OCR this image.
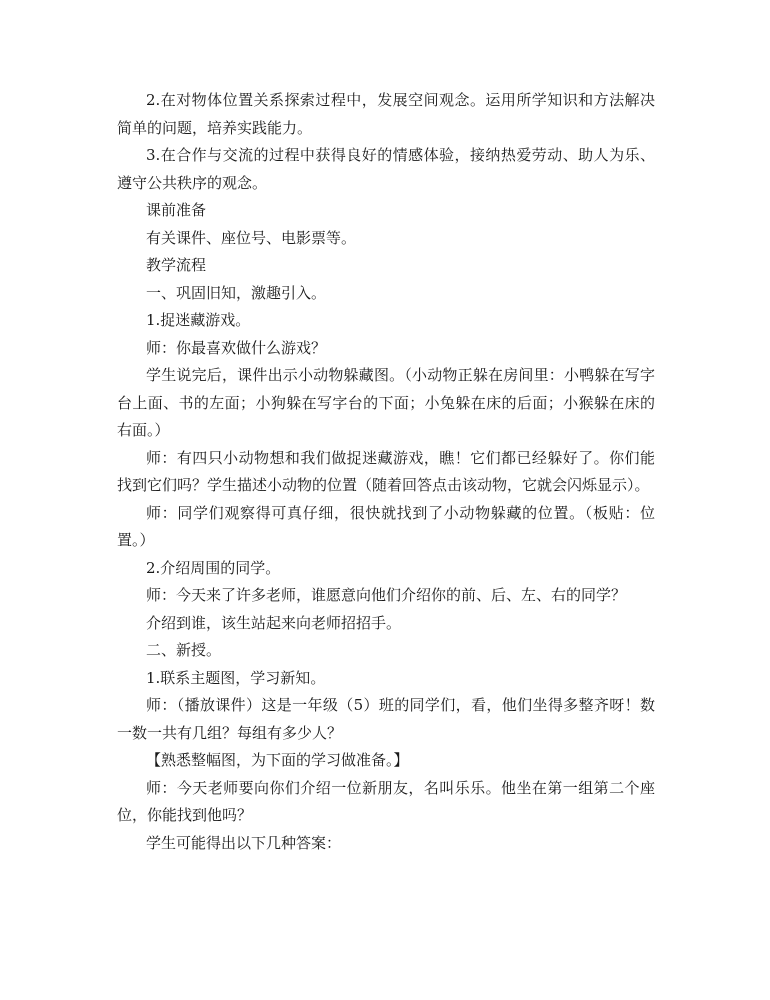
2.在对物体位置关系探索过程中，发展空间观念。运用所学知识和方法解决简单的问题，培养实践能力。

3.在合作与交流的过程中获得良好的情感体验，接纳热爱劳动、助人为乐、遵守公共秩序的观念。

课前准备

有关课件、座位号、电影票等。

教学流程

一、巩固旧知，激趣引入。

1.捉迷藏游戏。

师：你最喜欢做什么游戏？

学生说完后，课件出示小动物躲藏图。（小动物正躲在房间里：小鸭躲在写字台上面、书的左面；小狗躲在写字台的下面；小兔躲在床的后面；小猴躲在床的右面。）

师：有四只小动物想和我们做捉迷藏游戏，瞧！它们都已经躲好了。你们能找到它们吗？学生描述小动物的位置（随着回答点击该动物，它就会闪烁显示）。

师：同学们观察得可真仔细，很快就找到了小动物躲藏的位置。（板贴：位置。）

2.介绍周围的同学。

师：今天来了许多老师，谁愿意向他们介绍你的前、后、左、右的同学？

介绍到谁，该生站起来向老师招招手。

二、新授。

1.联系主题图，学习新知。

师：（播放课件）这是一年级（5）班的同学们，看，他们坐得多整齐呀！数一数一共有几组？每组有多少人？

【熟悉整幅图，为下面的学习做准备。】

师：今天老师要向你们介绍一位新朋友，名叫乐乐。他坐在第一组第二个座位，你能找到他吗？

学生可能得出以下几种答案：
